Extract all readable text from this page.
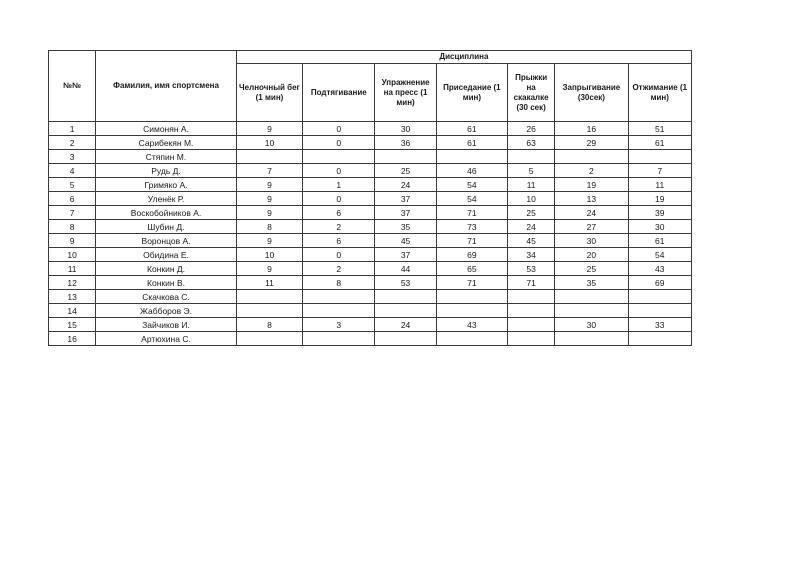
№№	Фамилия, имя спортсмена	Дисциплина						
		Челночный бег (1 мин)	Подтягивание	Упражнение на пресс (1 мин)	Приседание (1 мин)	Прыжки на скакалке (30 сек)	Запрыгивание (30сек)	Отжимание (1 мин)
1	Симонян А.	9	0	30	61	26	16	51
2	Сарибекян М.	10	0	36	61	63	29	61
3	Стяпин М.							
4	Рудь Д.	7	0	25	46	5	2	7
5	Гримяко А.	9	1	24	54	11	19	11
6	Уленёк Р.	9	0	37	54	10	13	19
7	Воскобойников А.	9	6	37	71	25	24	39
8	Шубин Д.	8	2	35	73	24	27	30
9	Воронцов А.	9	6	45	71	45	30	61
10	Обидина Е.	10	0	37	69	34	20	54
11	Конкин Д.	9	2	44	65	53	25	43
12	Конкин В.	11	8	53	71	71	35	69
13	Скачкова С.							
14	Жабборов Э.							
15	Зайчиков И.	8	3	24	43		30	33
16	Артюхина С.							
